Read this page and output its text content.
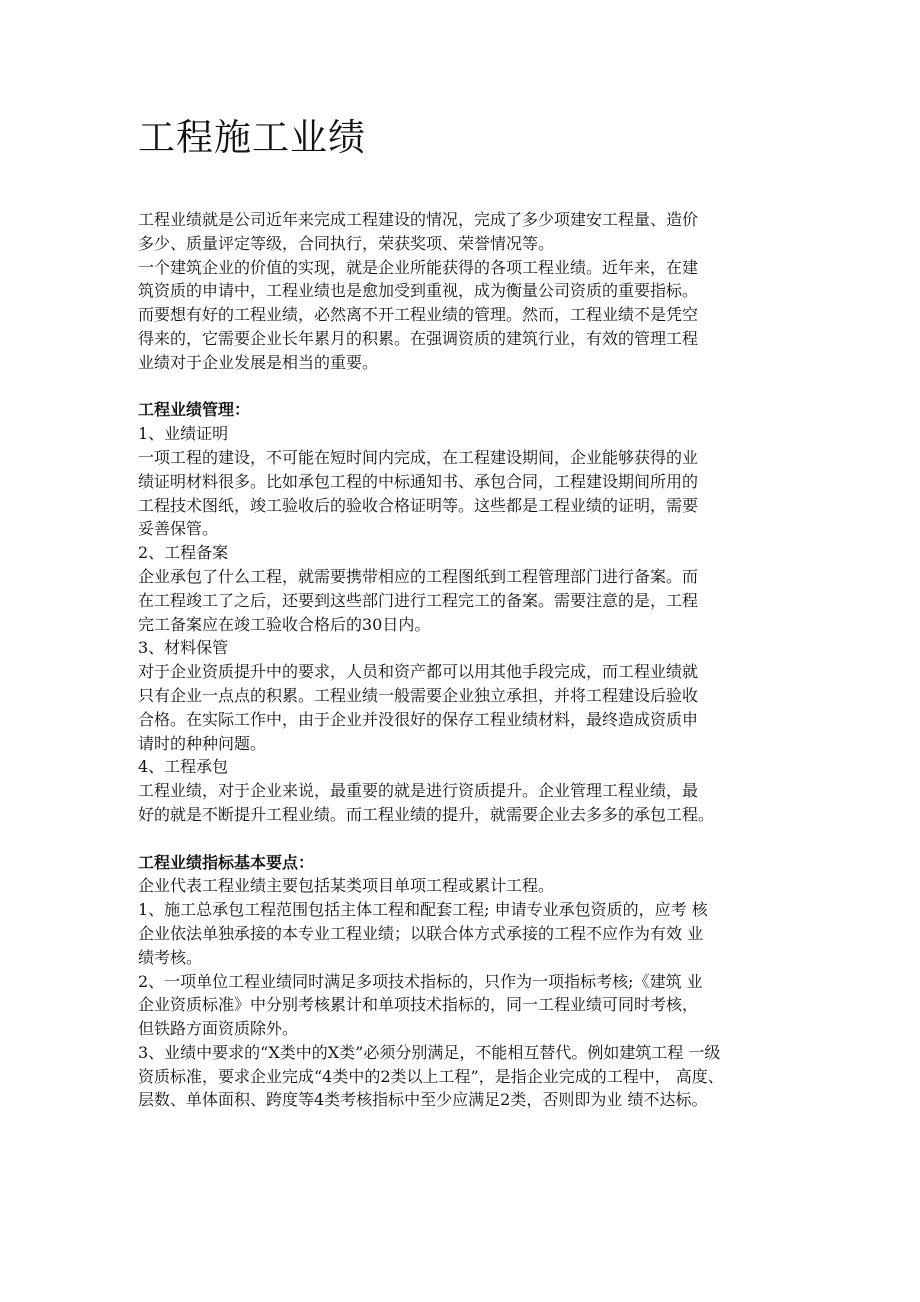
工程施工业绩
工程业绩就是公司近年来完成工程建设的情况，完成了多少项建安工程量、造价
多少、质量评定等级，合同执行，荣获奖项、荣誉情况等。
一个建筑企业的价值的实现，就是企业所能获得的各项工程业绩。近年来，在建
筑资质的申请中，工程业绩也是愈加受到重视，成为衡量公司资质的重要指标。
而要想有好的工程业绩，必然离不开工程业绩的管理。然而，工程业绩不是凭空
得来的，它需要企业长年累月的积累。在强调资质的建筑行业，有效的管理工程
业绩对于企业发展是相当的重要。
工程业绩管理：
1、业绩证明
一项工程的建设，不可能在短时间内完成，在工程建设期间，企业能够获得的业
绩证明材料很多。比如承包工程的中标通知书、承包合同，工程建设期间所用的
工程技术图纸，竣工验收后的验收合格证明等。这些都是工程业绩的证明，需要
妥善保管。
2、工程备案
企业承包了什么工程，就需要携带相应的工程图纸到工程管理部门进行备案。而
在工程竣工了之后，还要到这些部门进行工程完工的备案。需要注意的是，工程
完工备案应在竣工验收合格后的30日内。
3、材料保管
对于企业资质提升中的要求，人员和资产都可以用其他手段完成，而工程业绩就
只有企业一点点的积累。工程业绩一般需要企业独立承担，并将工程建设后验收
合格。在实际工作中，由于企业并没很好的保存工程业绩材料，最终造成资质申
请时的种种问题。
4、工程承包
工程业绩，对于企业来说，最重要的就是进行资质提升。企业管理工程业绩，最
好的就是不断提升工程业绩。而工程业绩的提升，就需要企业去多多的承包工程。
工程业绩指标基本要点：
企业代表工程业绩主要包括某类项目单项工程或累计工程。
1、施工总承包工程范围包括主体工程和配套工程; 申请专业承包资质的，应考 核
企业依法单独承接的本专业工程业绩；以联合体方式承接的工程不应作为有效 业
绩考核。
2、一项单位工程业绩同时满足多项技术指标的，只作为一项指标考核;《建筑 业
企业资质标准》中分别考核累计和单项技术指标的，同一工程业绩可同时考核，
但铁路方面资质除外。
3、业绩中要求的“X类中的X类”必须分别满足，不能相互替代。例如建筑工程 一级
资质标准，要求企业完成“4类中的2类以上工程”，是指企业完成的工程中， 高度、
层数、单体面积、跨度等4类考核指标中至少应满足2类，否则即为业 绩不达标。
